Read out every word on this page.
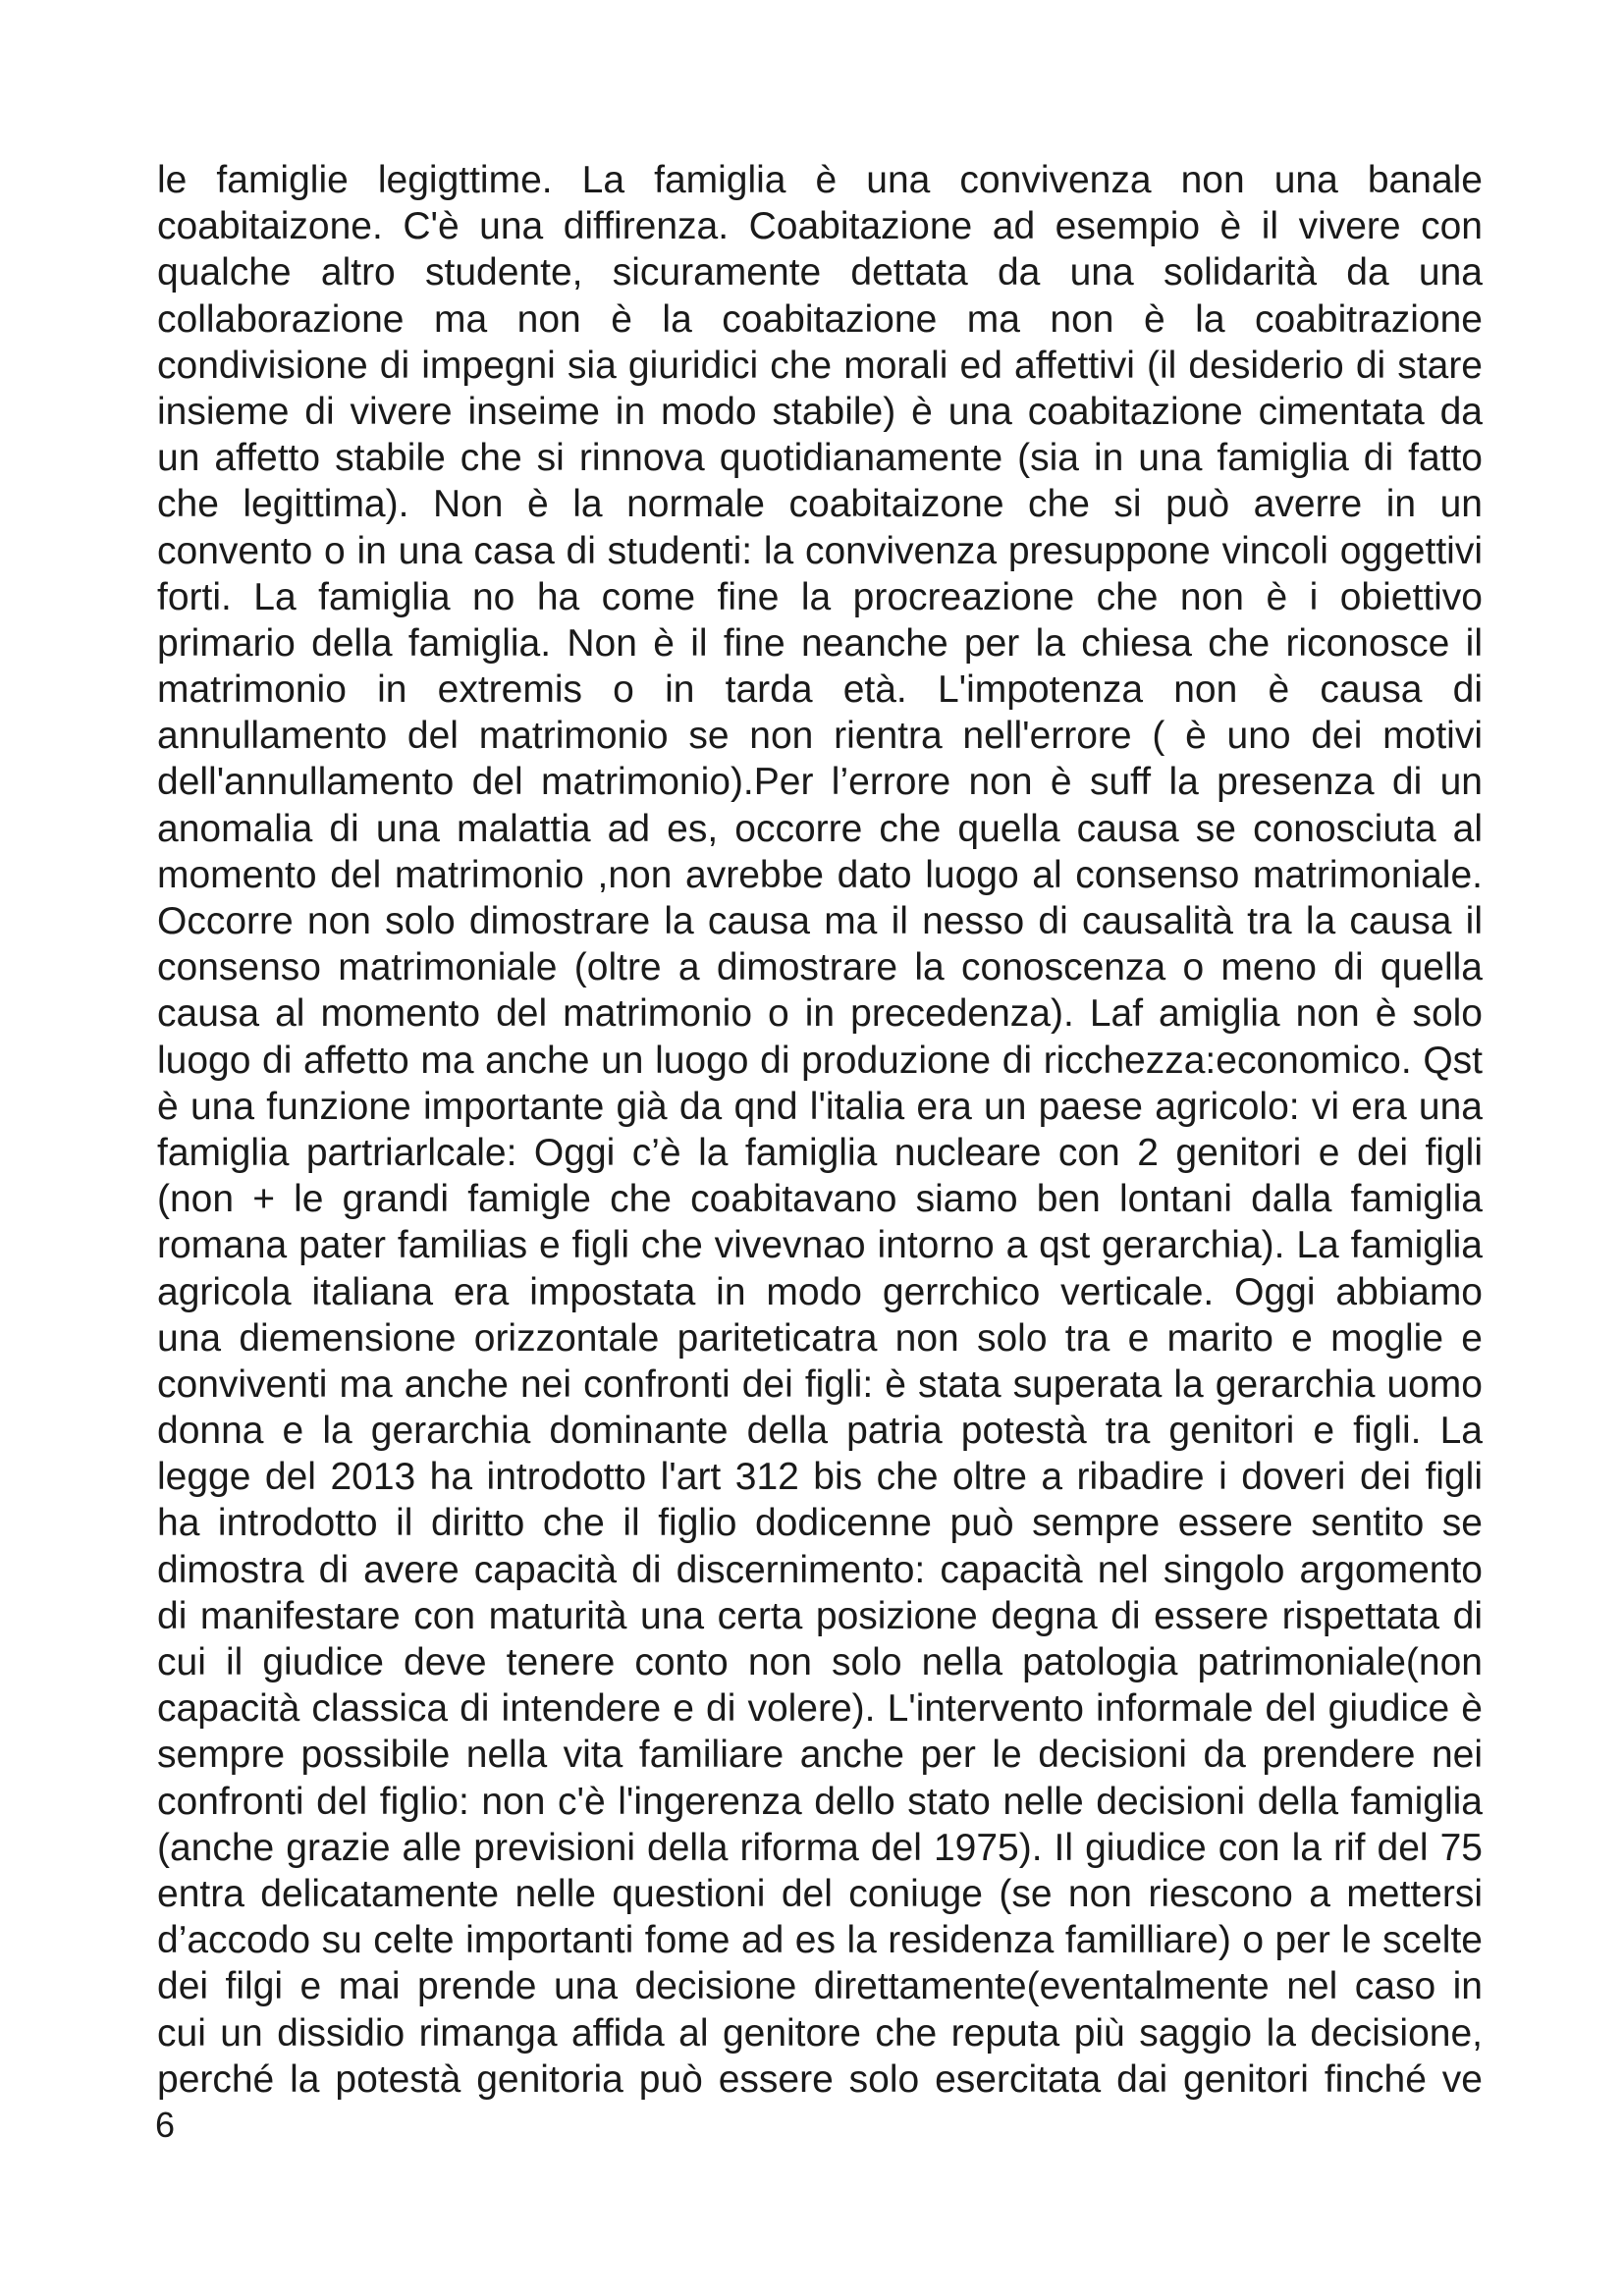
le famiglie legigttime. La famiglia è una convivenza non una banale
coabitaizone. C'è una diffirenza. Coabitazione ad esempio è il vivere con
qualche altro studente, sicuramente dettata da una solidarità da una
collaborazione ma non è la coabitazione ma non è la coabitrazione
condivisione di impegni sia giuridici che morali ed affettivi (il desiderio di stare
insieme di vivere inseime in modo stabile) è una coabitazione cimentata da
un affetto stabile che si rinnova quotidianamente (sia in una famiglia di fatto
che legittima). Non è la normale coabitaizone che si può averre in un
convento o in una casa di studenti: la convivenza presuppone vincoli oggettivi
forti. La famiglia no ha come fine la procreazione che non è i obiettivo
primario della famiglia. Non è il fine neanche per la chiesa che riconosce il
matrimonio in extremis o in tarda età. L'impotenza non è causa di
annullamento del matrimonio se non rientra nell'errore ( è uno dei motivi
dell'annullamento del matrimonio).Per l’errore non è suff la presenza di un
anomalia di una malattia ad es, occorre che quella causa se conosciuta al
momento del matrimonio ,non avrebbe dato luogo al consenso matrimoniale.
Occorre non solo dimostrare la causa ma il nesso di causalità tra la causa il
consenso matrimoniale (oltre a dimostrare la conoscenza o meno di quella
causa al momento del matrimonio o in precedenza). Laf amiglia non è solo
luogo di affetto ma anche un luogo di produzione di ricchezza:economico. Qst
è una funzione importante già da qnd l'italia era un paese agricolo: vi era una
famiglia partriarlcale: Oggi c’è la famiglia nucleare con 2 genitori e dei figli
(non + le grandi famigle che coabitavano siamo ben lontani dalla famiglia
romana pater familias e figli che vivevnao intorno a qst gerarchia). La famiglia
agricola italiana era impostata in modo gerrchico verticale. Oggi abbiamo
una diemensione orizzontale pariteticatra non solo tra e marito e moglie e
conviventi ma anche nei confronti dei figli: è stata superata la gerarchia uomo
donna e la gerarchia dominante della patria potestà tra genitori e figli. La
legge del 2013 ha introdotto l'art 312 bis che oltre a ribadire i doveri dei figli
ha introdotto il diritto che il figlio dodicenne può sempre essere sentito se
dimostra di avere capacità di discernimento: capacità nel singolo argomento
di manifestare con maturità una certa posizione degna di essere rispettata di
cui il giudice deve tenere conto non solo nella patologia patrimoniale(non
capacità classica di intendere e di volere). L'intervento informale del giudice è
sempre possibile nella vita familiare anche per le decisioni da prendere nei
confronti del figlio: non c'è l'ingerenza dello stato nelle decisioni della famiglia
(anche grazie alle previsioni della riforma del 1975). Il giudice con la rif del 75
entra delicatamente nelle questioni del coniuge (se non riescono a mettersi
d’accodo su celte importanti fome ad es la residenza familliare) o per le scelte
dei filgi e mai prende una decisione direttamente(eventalmente nel caso in
cui un dissidio rimanga affida al genitore che reputa più saggio la decisione,
perché la potestà genitoria può essere solo esercitata dai genitori finché ve
6
